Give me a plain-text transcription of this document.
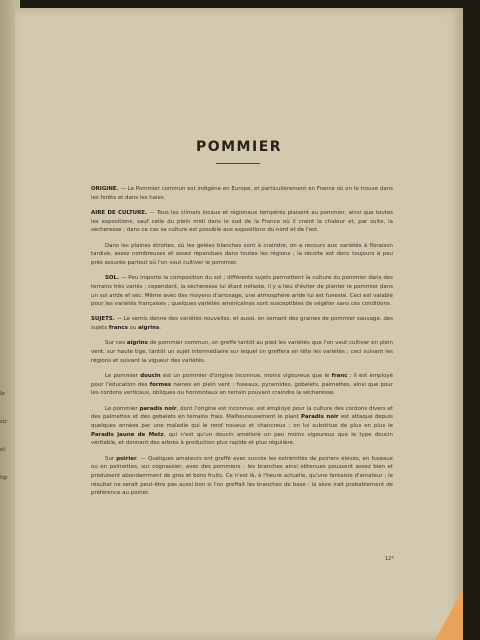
le
sir
et
tip
POMMIER

ORIGINE. — Le Pommier commun est indigène en Europe, et particulièrement en France où on le trouve dans les forêts et dans les haies.

AIRE DE CULTURE. — Tous les climats locaux et régionaux tempérés plaisent au pommier, ainsi que toutes les expositions, sauf celle du plein midi dans le sud de la France où il craint la chaleur et, par suite, la sécheresse ; dans ce cas sa culture est possible aux expositions du nord et de l'est.

Dans les plaines étroites, où les gelées blanches sont à craindre, on a recours aux variétés à floraison tardive, assez nombreuses et assez répandues dans toutes les régions ; la récolte est donc toujours à peu près assurée partout où l'on veut cultiver le pommier.

SOL. — Peu importe la composition du sol ; différents sujets permettent la culture du pommier dans des terrains très variés ; cependant, la sécheresse lui étant néfaste, il y a lieu d'éviter de planter le pommier dans un sol aride et sec. Même avec des moyens d'arrosage, une atmosphère aride lui est funeste. Ceci est valable pour les variétés françaises ; quelques variétés américaines sont susceptibles de végéter sans ces conditions.

SUJETS. — Le semis donne des variétés nouvelles, et aussi, en semant des graines de pommier sauvage, des sujets francs ou aigrins.

Sur ces aigrins de pommier commun, on greffe tantôt au pied les variétés que l'on veut cultiver en plein vent, sur haute tige, tantôt un sujet intermédiaire sur lequel on greffera en tête les variétés ; ceci suivant les régions et suivant la vigueur des variétés.

Le pommier doucin est un pommier d'origine inconnue, moins vigoureux que le franc ; il est employé pour l'éducation des formes naines en plein vent : fuseaux, pyramides, gobelets, palmettes, ainsi que pour les cordons verticaux, obliques ou horizontaux en terrain pouvant craindre la sécheresse.

Le pommier paradis noir, dont l'origine est inconnue, est employé pour la culture des cordons divers et des palmettes et des gobelets en terrains frais. Malheureusement le plant Paradis noir est attaqué depuis quelques années par une maladie qui le rend noueux et chancreux ; on lui substitue de plus en plus le Paradis jaune de Metz, qui n'est qu'un doucin amélioré un peu moins vigoureux que le type doucin véritable, et donnant des arbres à production plus rapide et plus régulière.

Sur poirier. — Quelques amateurs ont greffé avec succès les extrémités de poiriers élevés, en fuseaux ou en palmettes, sur cognassier, avec des pommiers ; les branches ainsi obtenues poussent assez bien et produisent abondamment de gros et bons fruits. Ce n'est là, à l'heure actuelle, qu'une fantaisie d'amateur ; le résultat ne serait peut-être pas aussi bon si l'on greffait les branches de base : la sève irait probablement de préférence au poirier.

12*
